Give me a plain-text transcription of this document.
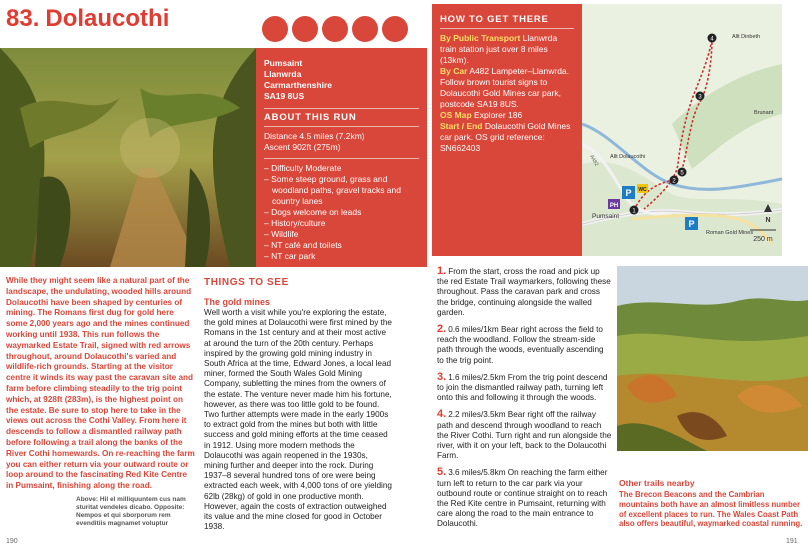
83. Dolaucothi
Pumsaint
Llanwrda
Carmarthenshire
SA19 8US
ABOUT THIS RUN
Distance 4.5 miles (7.2km)
Ascent 902ft (275m)
– Difficulty Moderate
– Some steep ground, grass and woodland paths, gravel tracks and country lanes
– Dogs welcome on leads
– History/culture
– Wildlife
– NT café and toilets
– NT car park
HOW TO GET THERE
By Public Transport Llanwrda train station just over 8 miles (13km).
By Car A482 Lampeter–Llanwrda. Follow brown tourist signs to Dolaucothi Gold Mines car park, postcode SA19 8US.
OS Map Explorer 186
Start / End Dolaucothi Gold Mines car park. OS grid reference: SN662403
4
3
5
2
1
P
P
PH
WC
Allt Dinbeth
Brunant
Allt Dolaucothi
Pumsaint
Roman Gold Mines
A482
N
250 m
While they might seem like a natural part of the landscape, the undulating, wooded hills around Dolaucothi have been shaped by centuries of mining. The Romans first dug for gold here some 2,000 years ago and the mines continued working until 1938. This run follows the waymarked Estate Trail, signed with red arrows throughout, around Dolaucothi's varied and wildlife-rich grounds. Starting at the visitor centre it winds its way past the caravan site and farm before climbing steadily to the trig point which, at 928ft (283m), is the highest point on the estate. Be sure to stop here to take in the views out across the Cothi Valley. From here it descends to follow a dismantled railway path before following a trail along the banks of the River Cothi homewards. On re-reaching the farm you can either return via your outward route or loop around to the fascinating Red Kite Centre in Pumsaint, finishing along the road.
Above: Hil el milliquuntem cus nam sturitat vendeles dicabo. Opposite: Nempos et qui sborporum rem evenditiis magnamet voluptur
THINGS TO SEE
The gold mines
Well worth a visit while you're exploring the estate, the gold mines at Dolaucothi were first mined by the Romans in the 1st century and at their most active at around the turn of the 20th century. Perhaps inspired by the growing gold mining industry in South Africa at the time, Edward Jones, a local lead miner, formed the South Wales Gold Mining Company, subletting the mines from the owners of the estate. The venture never made him his fortune, however, as there was too little gold to be found. Two further attempts were made in the early 1900s to extract gold from the mines but both with little success and gold mining efforts at the time ceased in 1912. Using more modern methods the Dolaucothi was again reopened in the 1930s, mining further and deeper into the rock. During 1937–8 several hundred tons of ore were being extracted each week, with 4,000 tons of ore yielding 62lb (28kg) of gold in one productive month. However, again the costs of extraction outweighed its value and the mine closed for good in October 1938.

1. From the start, cross the road and pick up the red Estate Trail waymarkers, following these throughout. Pass the caravan park and cross the bridge, continuing alongside the walled garden.

2. 0.6 miles/1km Bear right across the field to reach the woodland. Follow the stream-side path through the woods, eventually ascending to the trig point.

3. 1.6 miles/2.5km From the trig point descend to join the dismantled railway path, turning left onto this and following it through the woods.

4. 2.2 miles/3.5km Bear right off the railway path and descend through woodland to reach the River Cothi. Turn right and run alongside the river, with it on your left, back to the Dolaucothi Farm.

5. 3.6 miles/5.8km On reaching the farm either turn left to return to the car park via your outbound route or continue straight on to reach the Red Kite centre in Pumsaint, returning with care along the road to the main entrance to Dolaucothi.

Other trails nearby
The Brecon Beacons and the Cambrian mountains both have an almost limitless number of excellent places to run. The Wales Coast Path also offers beautiful, waymarked coastal running.
190	191
